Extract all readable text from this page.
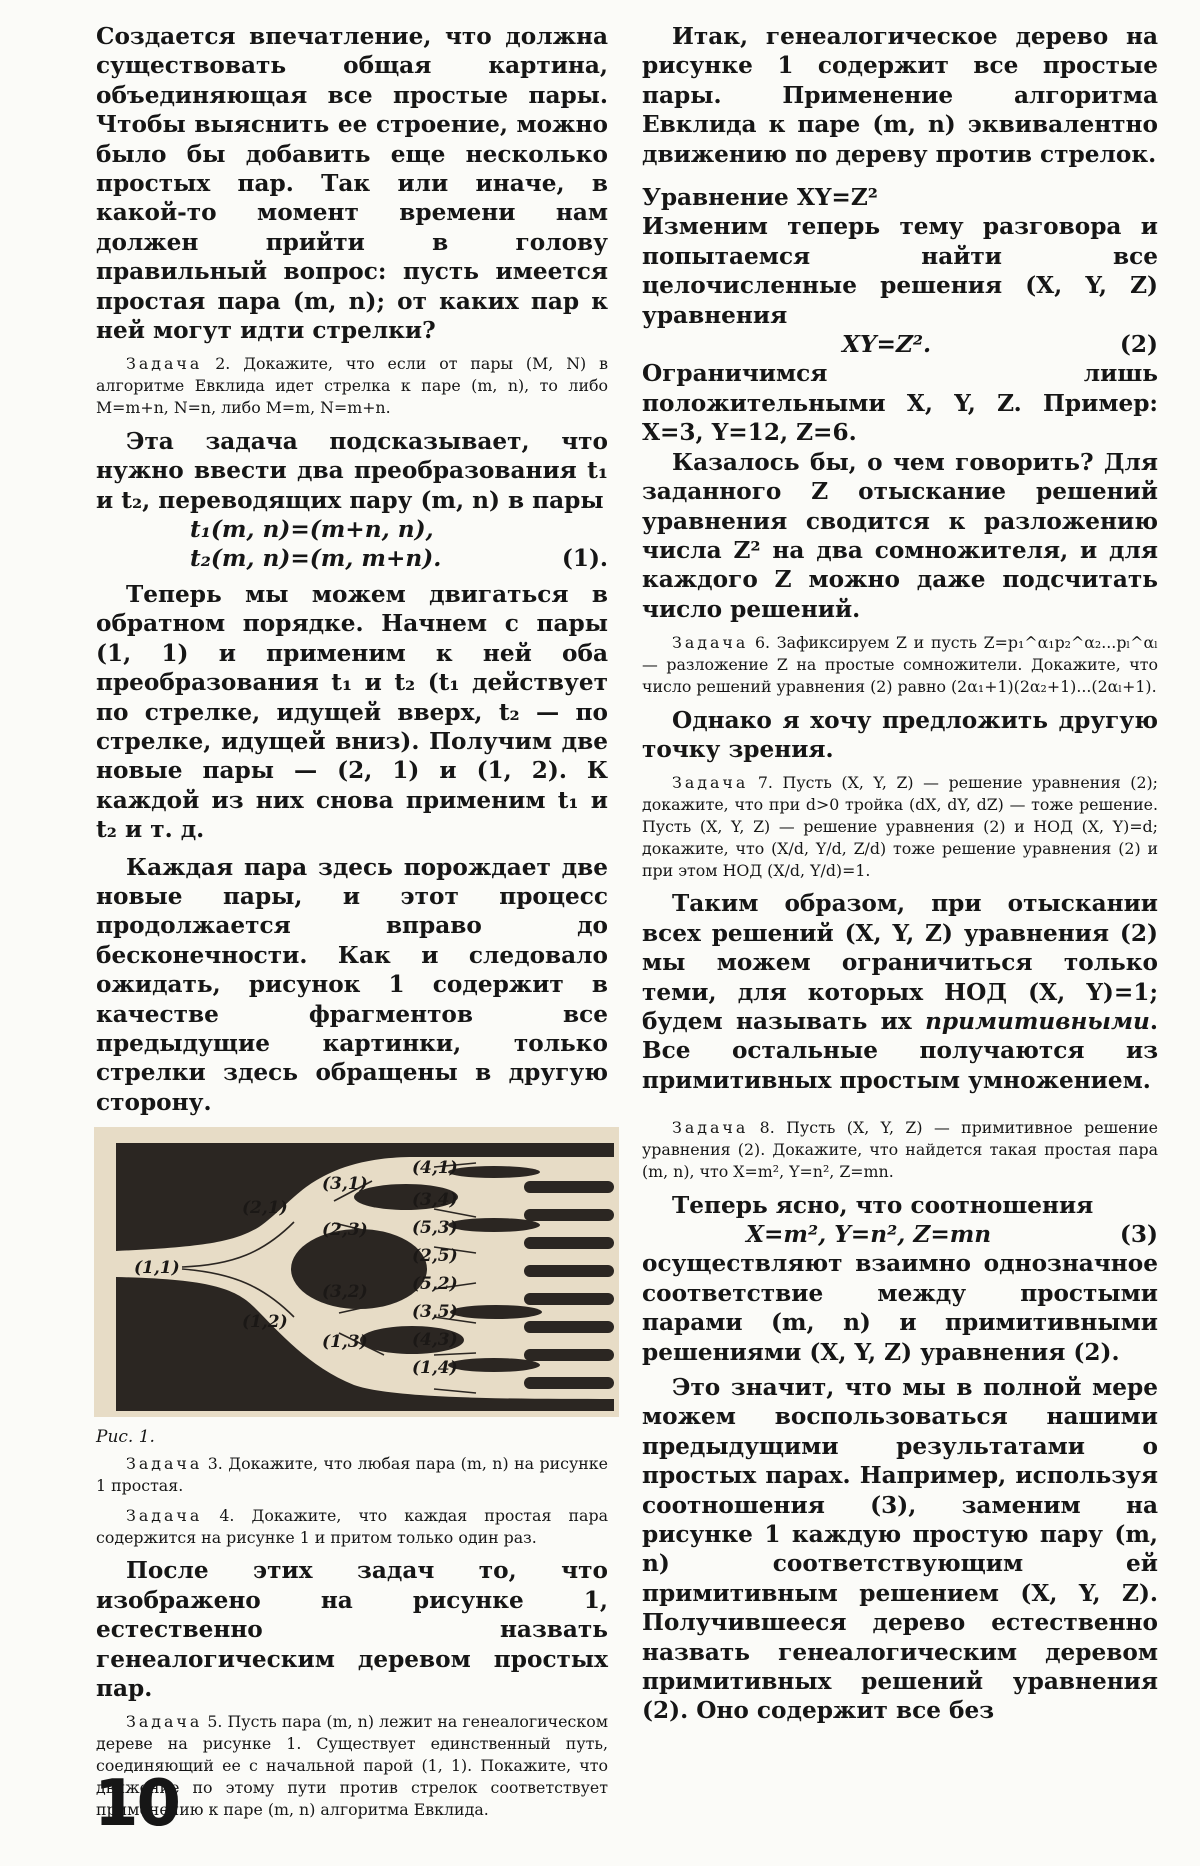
Создается впечатление, что должна существовать общая картина, объединяющая все простые пары. Чтобы выяснить ее строение, можно было бы добавить еще несколько простых пар. Так или иначе, в какой-то момент времени нам должен прийти в голову правильный вопрос: пусть имеется простая пара (m, n); от каких пар к ней могут идти стрелки?

Задача 2. Докажите, что если от пары (M, N) в алгоритме Евклида идет стрелка к паре (m, n), то либо M=m+n, N=n, либо M=m, N=m+n.

Эта задача подсказывает, что нужно ввести два преобразования t₁ и t₂, переводящих пару (m, n) в пары

t₁(m, n)=(m+n, n),
t₂(m, n)=(m, m+n).	(1).

Теперь мы можем двигаться в обратном порядке. Начнем с пары (1, 1) и применим к ней оба преобразования t₁ и t₂ (t₁ действует по стрелке, идущей вверх, t₂ — по стрелке, идущей вниз). Получим две новые пары — (2, 1) и (1, 2). К каждой из них снова применим t₁ и t₂ и т. д.

Каждая пара здесь порождает две новые пары, и этот процесс продолжается вправо до бесконечности. Как и следовало ожидать, рисунок 1 содержит в качестве фрагментов все предыдущие картинки, только стрелки здесь обращены в другую сторону.

(1,1)
(2,1)
(1,2)
(3,1)
(2,3)
(3,2)
(1,3)
(4,1)
(3,4)
(5,3)
(2,5)
(5,2)
(3,5)
(4,3)
(1,4)
Рис. 1.

Задача 3. Докажите, что любая пара (m, n) на рисунке 1 простая.

Задача 4. Докажите, что каждая простая пара содержится на рисунке 1 и притом только один раз.

После этих задач то, что изображено на рисунке 1, естественно назвать генеалогическим деревом простых пар.

Задача 5. Пусть пара (m, n) лежит на генеалогическом дереве на рисунке 1. Существует единственный путь, соединяющий ее с начальной парой (1, 1). Покажите, что движение по этому пути против стрелок соответствует применению к паре (m, n) алгоритма Евклида.

Итак, генеалогическое дерево на рисунке 1 содержит все простые пары. Применение алгоритма Евклида к паре (m, n) эквивалентно движению по дереву против стрелок.

Уравнение XY=Z²

Изменим теперь тему разговора и попытаемся найти все целочисленные решения (X, Y, Z) уравнения

XY=Z².	(2)

Ограничимся лишь положительными X, Y, Z. Пример: X=3, Y=12, Z=6.

Казалось бы, о чем говорить? Для заданного Z отыскание решений уравнения сводится к разложению числа Z² на два сомножителя, и для каждого Z можно даже подсчитать число решений.

Задача 6. Зафиксируем Z и пусть Z=p₁^α₁p₂^α₂...pₗ^αₗ — разложение Z на простые сомножители. Докажите, что число решений уравнения (2) равно (2α₁+1)(2α₂+1)...(2αₗ+1).

Однако я хочу предложить другую точку зрения.

Задача 7. Пусть (X, Y, Z) — решение уравнения (2); докажите, что при d>0 тройка (dX, dY, dZ) — тоже решение. Пусть (X, Y, Z) — решение уравнения (2) и НОД (X, Y)=d; докажите, что (X/d, Y/d, Z/d) тоже решение уравнения (2) и при этом НОД (X/d, Y/d)=1.

Таким образом, при отыскании всех решений (X, Y, Z) уравнения (2) мы можем ограничиться только теми, для которых НОД (X, Y)=1; будем называть их примитивными. Все остальные получаются из примитивных простым умножением.

Задача 8. Пусть (X, Y, Z) — примитивное решение уравнения (2). Докажите, что найдется такая простая пара (m, n), что X=m², Y=n², Z=mn.

Теперь ясно, что соотношения

X=m², Y=n², Z=mn	(3)

осуществляют взаимно однозначное соответствие между простыми парами (m, n) и примитивными решениями (X, Y, Z) уравнения (2).

Это значит, что мы в полной мере можем воспользоваться нашими предыдущими результатами о простых парах. Например, используя соотношения (3), заменим на рисунке 1 каждую простую пару (m, n) соответствующим ей примитивным решением (X, Y, Z). Получившееся дерево естественно назвать генеалогическим деревом примитивных решений уравнения (2). Оно содержит все без

10
